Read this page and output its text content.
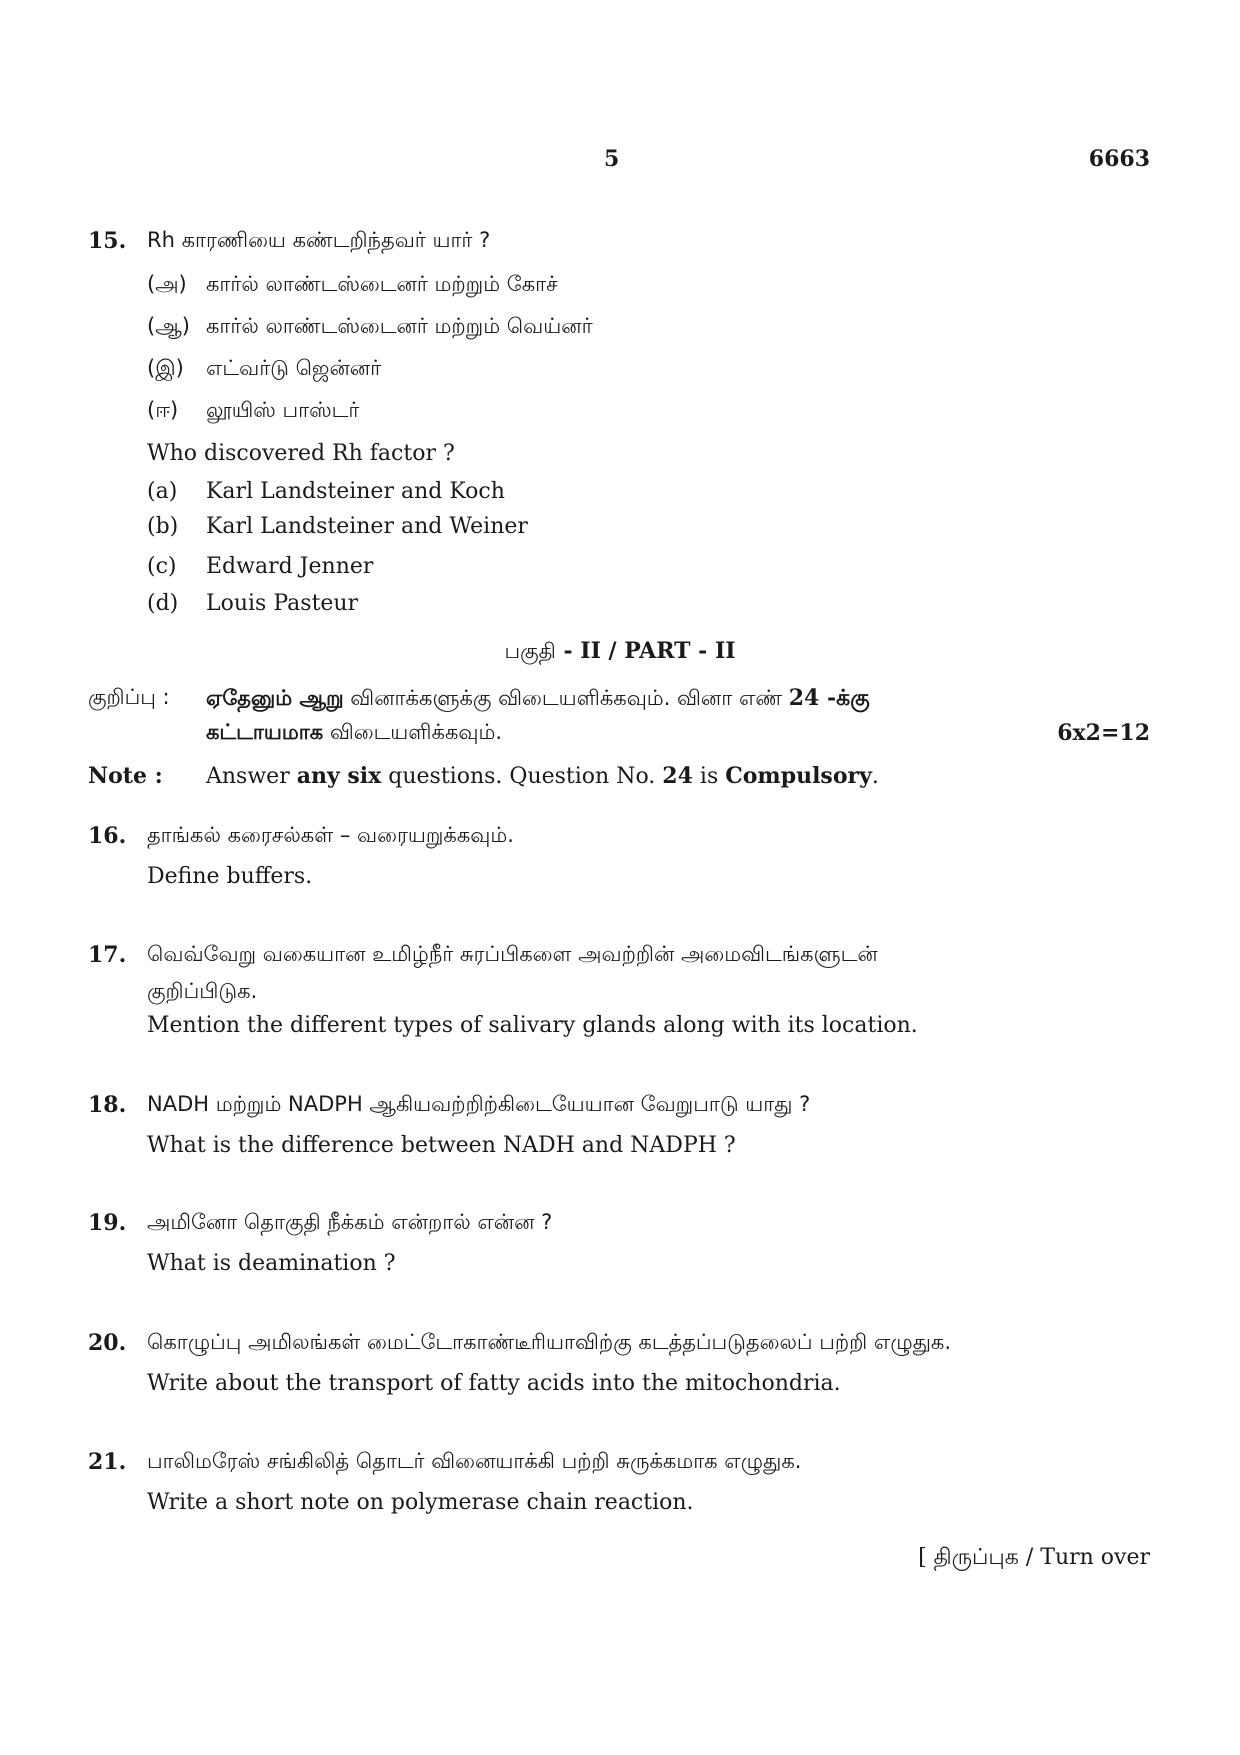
5	6663
15. Rh காரணியை கண்டறிந்தவர் யார் ?
(அ) கார்ல் லாண்டஸ்டைனர் மற்றும் கோச்
(ஆ) கார்ல் லாண்டஸ்டைனர் மற்றும் வெய்னர்
(இ) எட்வர்டு ஜென்னர்
(ஈ) லூயிஸ் பாஸ்டர்
Who discovered Rh factor ?
(a) Karl Landsteiner and Koch
(b) Karl Landsteiner and Weiner
(c) Edward Jenner
(d) Louis Pasteur
பகுதி - II / PART - II
குறிப்பு : ஏதேனும் ஆறு வினாக்களுக்கு விடையளிக்கவும். வினா எண் 24 -க்கு
கட்டாயமாக விடையளிக்கவும்.	6x2=12
Note : Answer any six questions. Question No. 24 is Compulsory.
16. தாங்கல் கரைசல்கள் – வரையறுக்கவும்.
Define buffers.
17. வெவ்வேறு வகையான உமிழ்நீர் சுரப்பிகளை அவற்றின் அமைவிடங்களுடன்
குறிப்பிடுக.
Mention the different types of salivary glands along with its location.
18. NADH மற்றும் NADPH ஆகியவற்றிற்கிடையேயான வேறுபாடு யாது ?
What is the difference between NADH and NADPH ?
19. அமினோ தொகுதி நீக்கம் என்றால் என்ன ?
What is deamination ?
20. கொழுப்பு அமிலங்கள் மைட்டோகாண்டீரியாவிற்கு கடத்தப்படுதலைப் பற்றி எழுதுக.
Write about the transport of fatty acids into the mitochondria.
21. பாலிமரேஸ் சங்கிலித் தொடர் வினையாக்கி பற்றி சுருக்கமாக எழுதுக.
Write a short note on polymerase chain reaction.
[ திருப்புக / Turn over
